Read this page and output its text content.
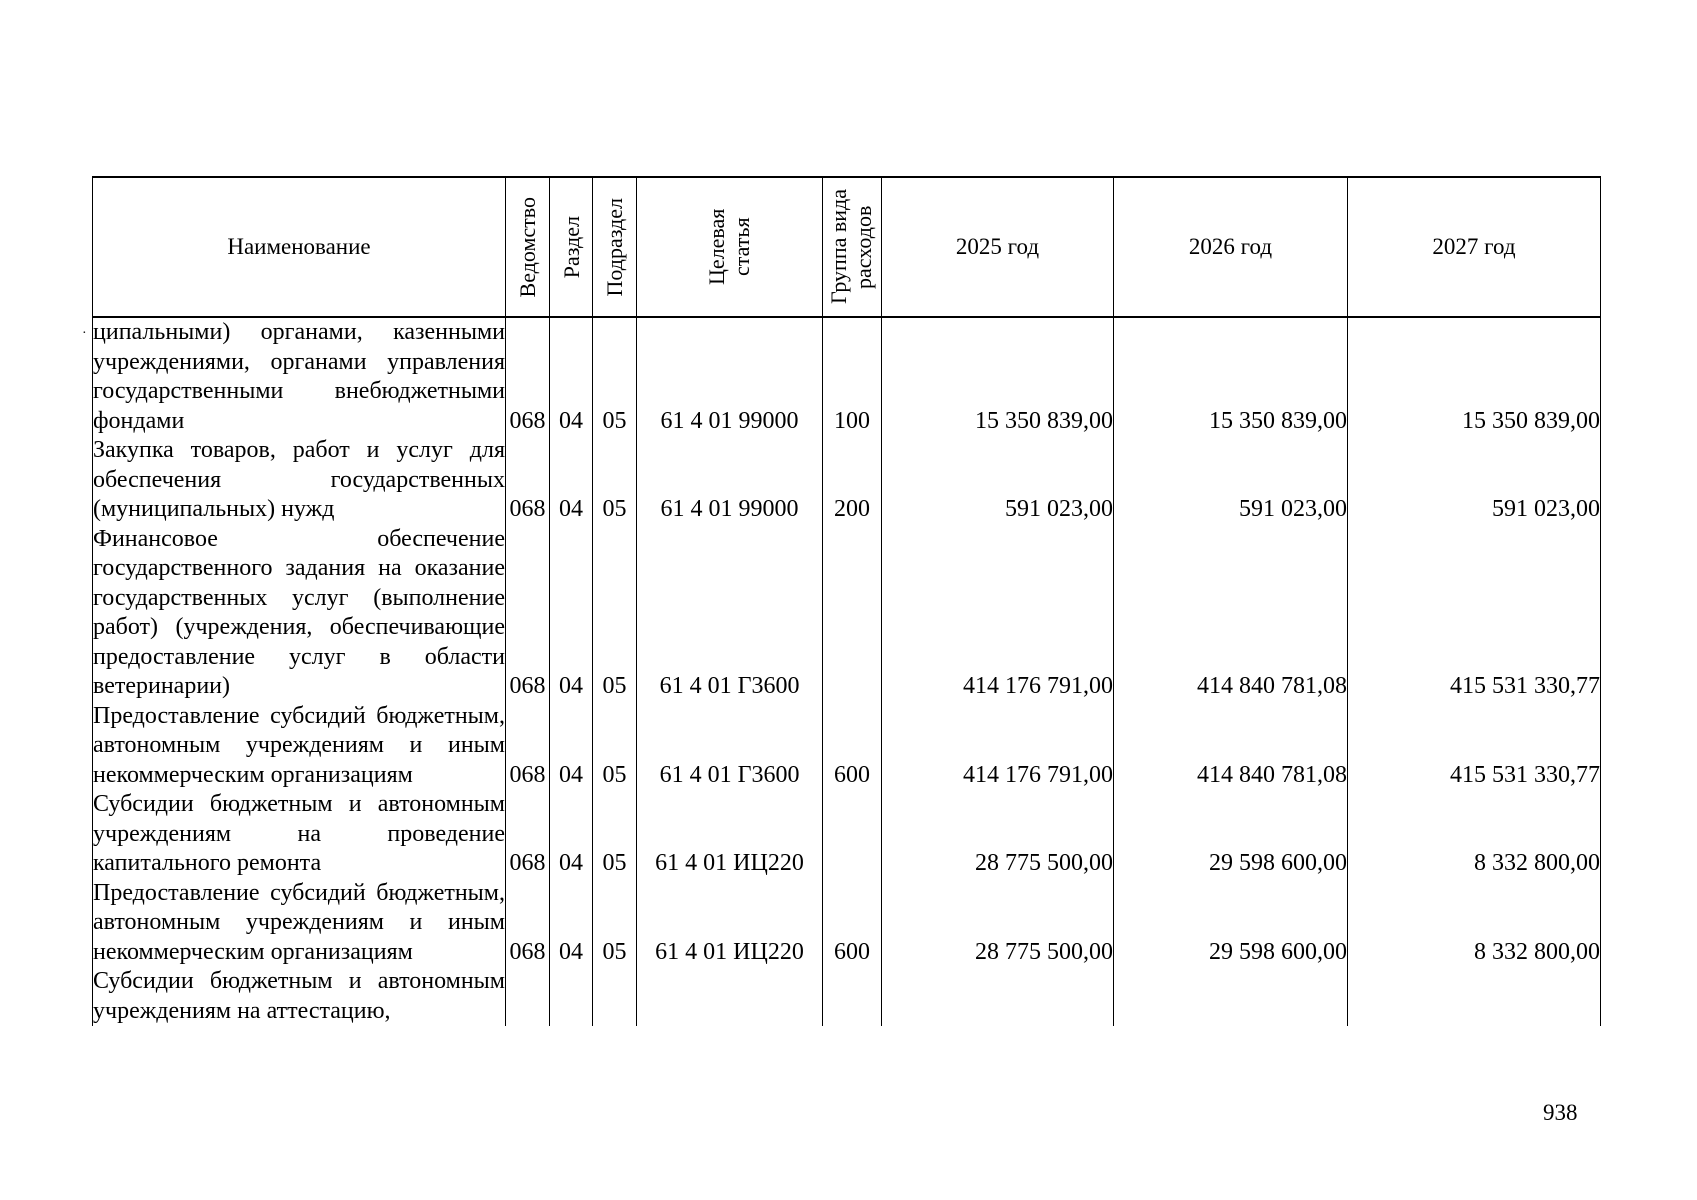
·
Наименование	Ведомство	Раздел	Подраздел	Целевая статья	Группа вида расходов	2025 год	2026 год	2027 год
ципальными) органами, казенными учреждениями, органами управления государственными внебюджетными фондами	068	04	05	61 4 01 99000	100	15 350 839,00	15 350 839,00	15 350 839,00
Закупка товаров, работ и услуг для обеспечения государственных (муниципальных) нужд	068	04	05	61 4 01 99000	200	591 023,00	591 023,00	591 023,00
Финансовое обеспечение государственного задания на оказание государственных услуг (выполнение работ) (учреждения, обеспечивающие предоставление услуг в области ветеринарии)	068	04	05	61 4 01 Г3600		414 176 791,00	414 840 781,08	415 531 330,77
Предоставление субсидий бюджетным, автономным учреждениям и иным некоммерческим организациям	068	04	05	61 4 01 Г3600	600	414 176 791,00	414 840 781,08	415 531 330,77
Субсидии бюджетным и автономным учреждениям на проведение капитального ремонта	068	04	05	61 4 01 ИЦ220		28 775 500,00	29 598 600,00	8 332 800,00
Предоставление субсидий бюджетным, автономным учреждениям и иным некоммерческим организациям	068	04	05	61 4 01 ИЦ220	600	28 775 500,00	29 598 600,00	8 332 800,00
Субсидии бюджетным и автономным учреждениям на аттестацию,								
938
